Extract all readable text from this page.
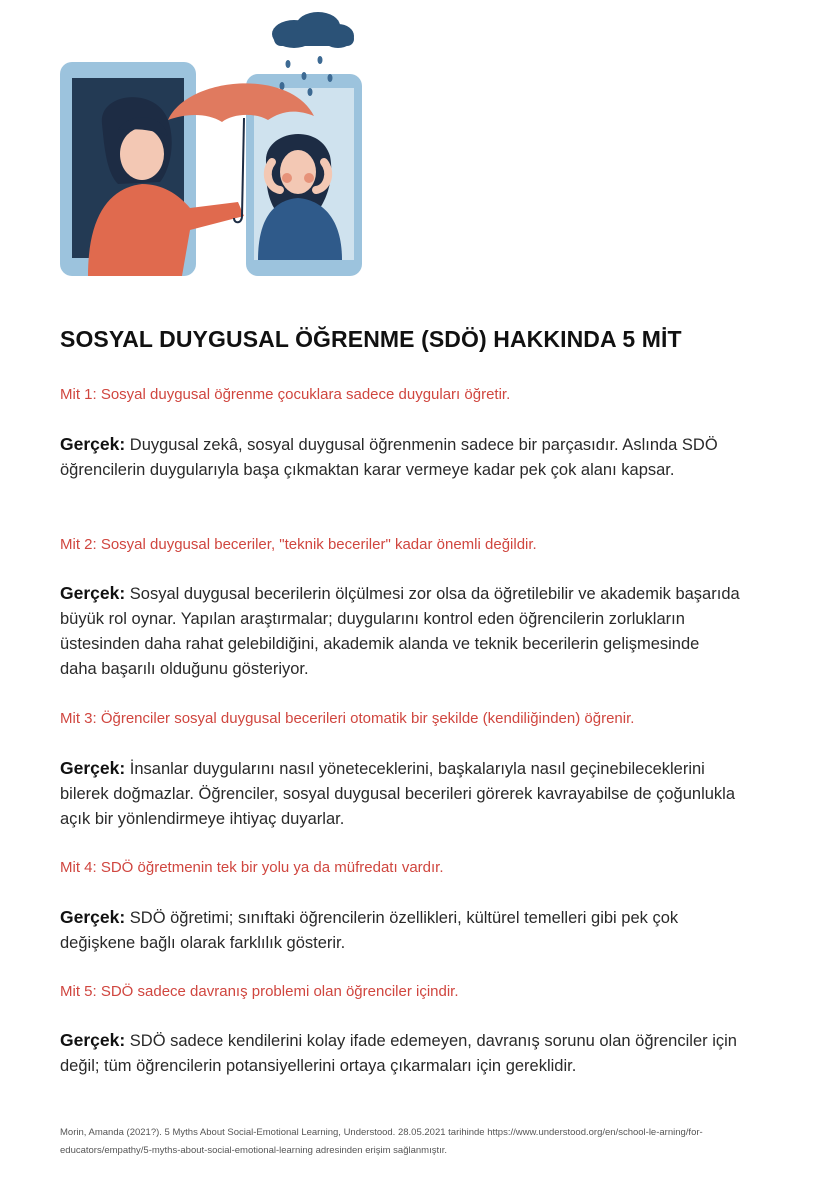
SOSYAL DUYGUSAL ÖĞRENME (SDÖ) HAKKINDA 5 MİT

Mit 1: Sosyal duygusal öğrenme çocuklara sadece duyguları öğretir.

Gerçek: Duygusal zekâ, sosyal duygusal öğrenmenin sadece bir parçasıdır. Aslında SDÖ öğrencilerin duygularıyla başa çıkmaktan karar vermeye kadar pek çok alanı kapsar.

Mit 2: Sosyal duygusal beceriler, "teknik beceriler" kadar önemli değildir.

Gerçek: Sosyal duygusal becerilerin ölçülmesi zor olsa da öğretilebilir ve akademik başarıda büyük rol oynar. Yapılan araştırmalar; duygularını kontrol eden öğrencilerin zorlukların üstesinden daha rahat gelebildiğini, akademik alanda ve teknik becerilerin gelişmesinde daha başarılı olduğunu gösteriyor.

Mit 3: Öğrenciler sosyal duygusal becerileri otomatik bir şekilde (kendiliğinden) öğrenir.

Gerçek: İnsanlar duygularını nasıl yöneteceklerini, başkalarıyla nasıl geçinebileceklerini bilerek doğmazlar. Öğrenciler, sosyal duygusal becerileri görerek kavrayabilse de çoğunlukla açık bir yönlendirmeye ihtiyaç duyarlar.

Mit 4: SDÖ öğretmenin tek bir yolu ya da müfredatı vardır.

Gerçek: SDÖ öğretimi; sınıftaki öğrencilerin özellikleri, kültürel temelleri gibi pek çok değişkene bağlı olarak farklılık gösterir.

Mit 5: SDÖ sadece davranış problemi olan öğrenciler içindir.

Gerçek: SDÖ sadece kendilerini kolay ifade edemeyen, davranış sorunu olan öğrenciler için değil; tüm öğrencilerin potansiyellerini ortaya çıkarmaları için gereklidir.

Morin, Amanda (2021?). 5 Myths About Social-Emotional Learning, Understood. 28.05.2021 tarihinde https://www.understood.org/en/school-le-arning/for-educators/empathy/5-myths-about-social-emotional-learning adresinden erişim sağlanmıştır.
